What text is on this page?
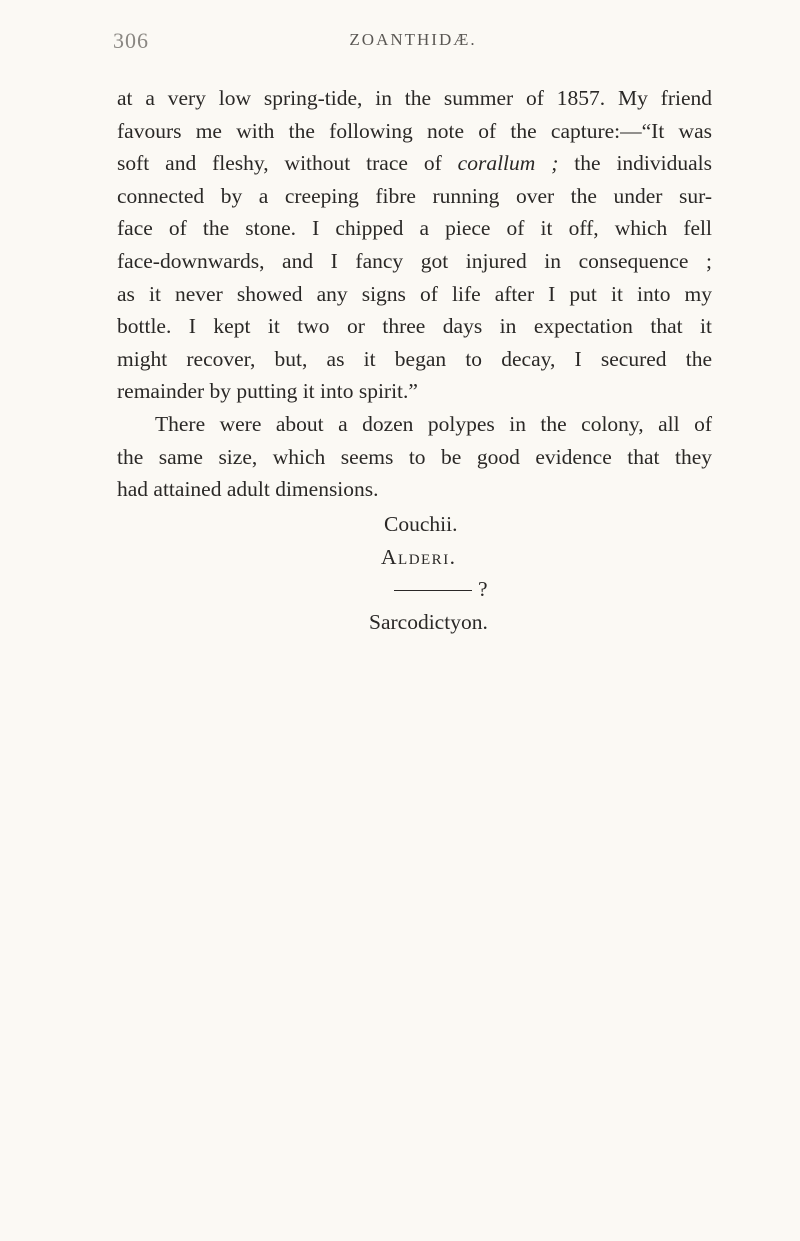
306	ZOANTHIDÆ.
at a very low spring-tide, in the summer of 1857. My friend
favours me with the following note of the capture:—“It was
soft and fleshy, without trace of corallum ; the individuals
connected by a creeping fibre running over the under sur-
face of the stone. I chipped a piece of it off, which fell
face-downwards, and I fancy got injured in consequence ;
as it never showed any signs of life after I put it into my
bottle. I kept it two or three days in expectation that it
might recover, but, as it began to decay, I secured the
remainder by putting it into spirit.”
There were about a dozen polypes in the colony, all of
the same size, which seems to be good evidence that they
had attained adult dimensions.
Couchii.
Alderi.
?
Sarcodictyon.
